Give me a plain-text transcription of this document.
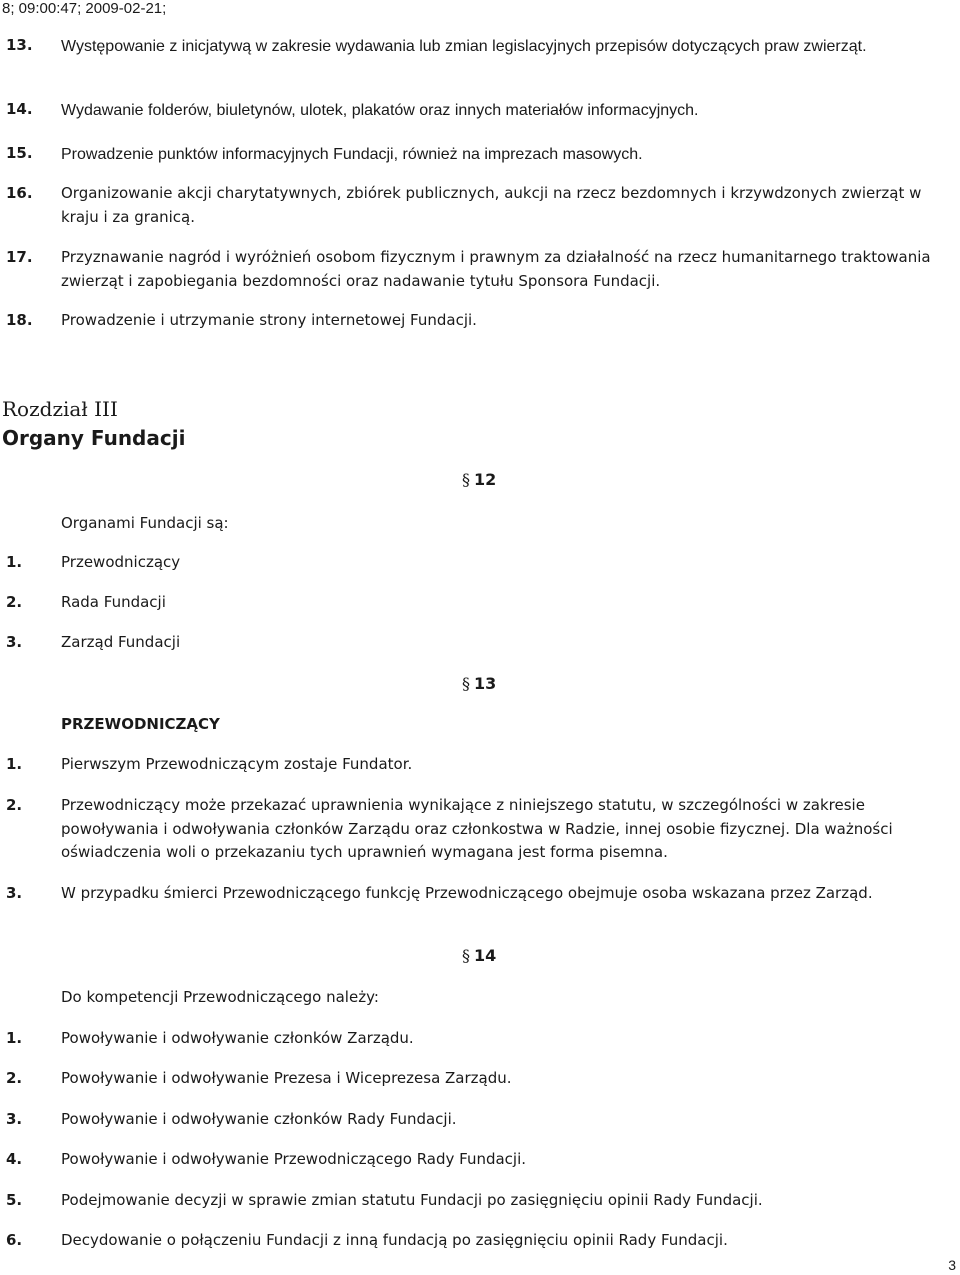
8; 09:00:47; 2009-02-21;
13. Występowanie z inicjatywą w zakresie wydawania lub zmian legislacyjnych przepisów dotyczących praw zwierząt.
14. Wydawanie folderów, biuletynów, ulotek, plakatów oraz innych materiałów informacyjnych.
15. Prowadzenie punktów informacyjnych Fundacji, również na imprezach masowych.
16. Organizowanie akcji charytatywnych, zbiórek publicznych, aukcji na rzecz bezdomnych i krzywdzonych zwierząt w kraju i za granicą.
17. Przyznawanie nagród i wyróżnień osobom fizycznym i prawnym za działalność na rzecz humanitarnego traktowania zwierząt i zapobiegania bezdomności oraz nadawanie tytułu Sponsora Fundacji.
18. Prowadzenie i utrzymanie strony internetowej Fundacji.
Rozdział III
Organy Fundacji
§ 12
Organami Fundacji są:
1.	Przewodniczący
2.	Rada Fundacji
3.	Zarząd Fundacji
§ 13
PRZEWODNICZĄCY
1.	Pierwszym Przewodniczącym zostaje Fundator.
2.	Przewodniczący może przekazać uprawnienia wynikające z niniejszego statutu, w szczególności w zakresie powoływania i odwoływania członków Zarządu oraz członkostwa w Radzie, innej osobie fizycznej. Dla ważności oświadczenia woli o przekazaniu tych uprawnień wymagana jest forma pisemna.
3.	W przypadku śmierci Przewodniczącego funkcję Przewodniczącego obejmuje osoba wskazana przez Zarząd.
§ 14
Do kompetencji Przewodniczącego należy:
1.	Powoływanie i odwoływanie członków Zarządu.
2.	Powoływanie i odwoływanie Prezesa i Wiceprezesa Zarządu.
3.	Powoływanie i odwoływanie członków Rady Fundacji.
4.	Powoływanie i odwoływanie Przewodniczącego Rady Fundacji.
5.	Podejmowanie decyzji w sprawie zmian statutu Fundacji po zasięgnięciu opinii Rady Fundacji.
6.	Decydowanie o połączeniu Fundacji z inną fundacją po zasięgnięciu opinii Rady Fundacji.
3
